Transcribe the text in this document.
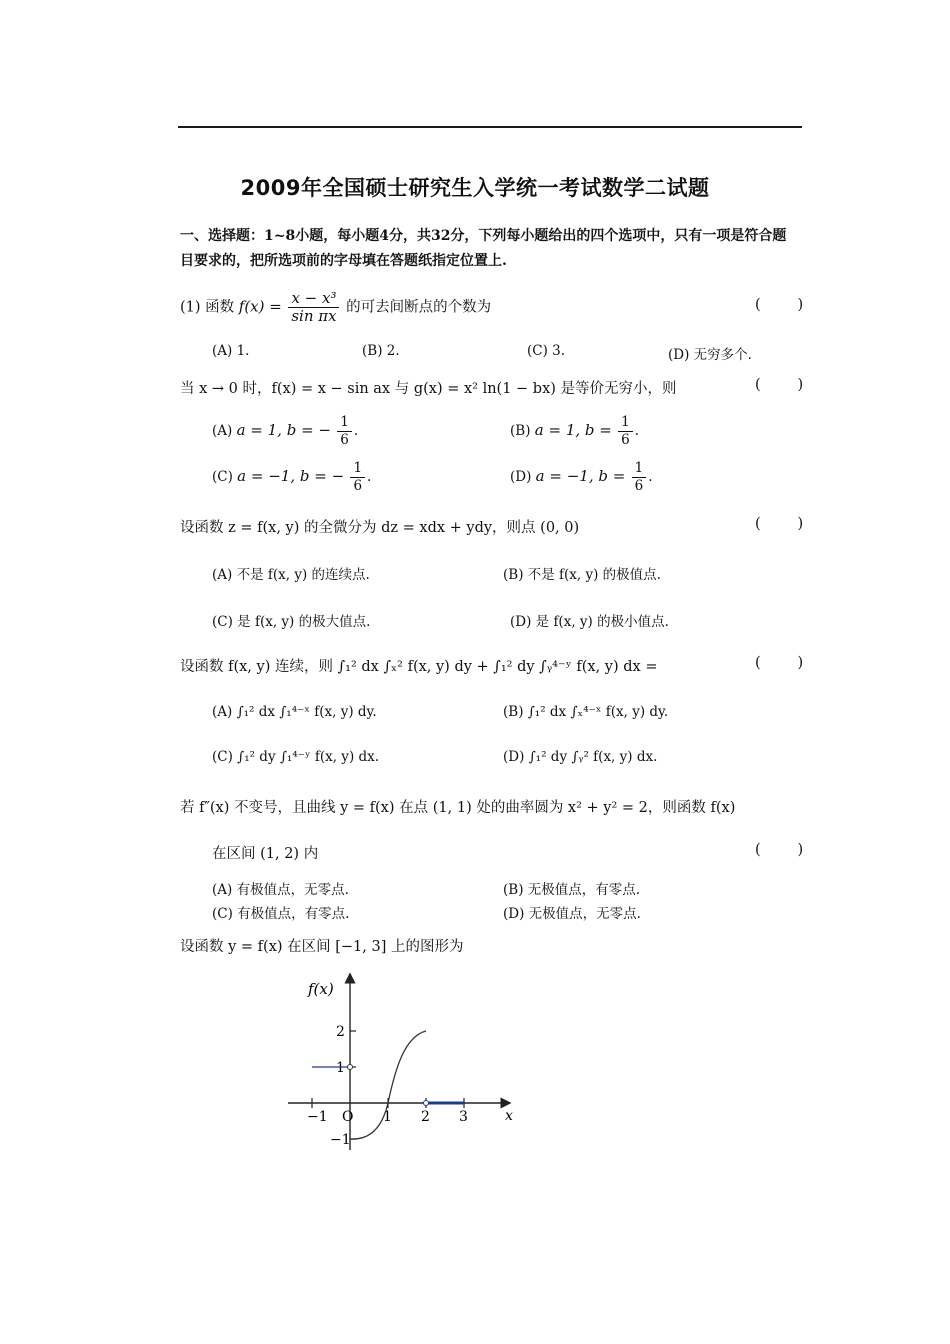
2009年全国硕士研究生入学统一考试数学二试题
一、选择题：1~8小题，每小题4分，共32分，下列每小题给出的四个选项中，只有一项是符合题目要求的，把所选项前的字母填在答题纸指定位置上.
(1) 函数 $f(x) = \frac{\text{x − x³}}{\text{sin πx}}$ 的可去间断点的个数为	(        )
(A) 1.	(B) 2.	(C) 3.	(D) 无穷多个.
当 x → 0 时，f(x) = x − sin ax 与 g(x) = x² ln(1 − bx) 是等价无穷小，则	(        )
(A) a = 1, b = − $\frac{1}{6}$ .	(B) a = 1, $b = \frac{1}{6}$ .
(C) a = −1, b = − $\frac{1}{6}$ .	(D) a = −1, $b = \frac{1}{6}$ .
设函数 z = f(x, y) 的全微分为 dz = xdx + ydy，则点 (0, 0)	(        )
(A) 不是 f(x, y) 的连续点.	(B) 不是 f(x, y) 的极值点.
(C) 是 f(x, y) 的极大值点.	(D) 是 f(x, y) 的极小值点.
设函数 f(x, y) 连续，则 ∫₁² dx ∫ₓ² f(x, y) dy + ∫₁² dy ∫ᵧ⁴⁻ʸ f(x, y) dx =	(        )
(A) ∫₁² dx ∫₁⁴⁻ˣ f(x, y) dy.	(B) ∫₁² dx ∫ₓ⁴⁻ˣ f(x, y) dy.
(C) ∫₁² dy ∫₁⁴⁻ʸ f(x, y) dx.	(D) ∫₁² dy ∫ᵧ² f(x, y) dx.
若 f″(x) 不变号，且曲线 y = f(x) 在点 (1, 1) 处的曲率圆为 x² + y² = 2，则函数 f(x)
在区间 (1, 2) 内	(        )
(A) 有极值点，无零点.	(B) 无极值点，有零点.
(C) 有极值点，有零点.	(D) 无极值点，无零点.
设函数 y = f(x) 在区间 [−1, 3] 上的图形为
−1 O 1 2 3
2
1
−1
f(x)
x
